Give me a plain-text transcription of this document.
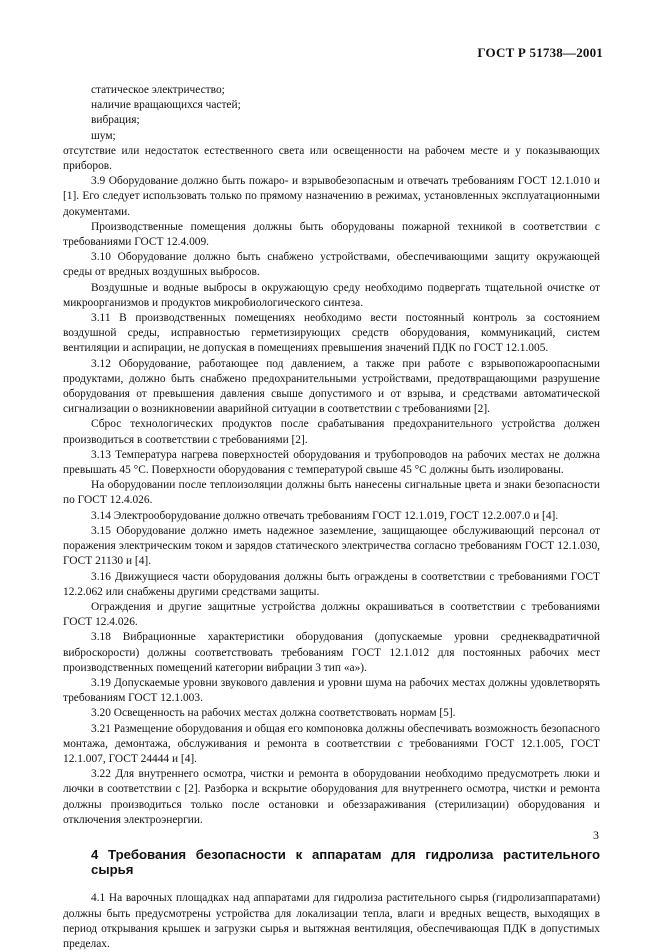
ГОСТ Р 51738—2001

статическое электричество;

наличие вращающихся частей;

вибрация;

шум;

отсутствие или недостаток естественного света или освещенности на рабочем месте и у показывающих приборов.

3.9 Оборудование должно быть пожаро- и взрывобезопасным и отвечать требованиям ГОСТ 12.1.010 и [1]. Его следует использовать только по прямому назначению в режимах, установленных эксплуатационными документами.

Производственные помещения должны быть оборудованы пожарной техникой в соответствии с требованиями ГОСТ 12.4.009.

3.10 Оборудование должно быть снабжено устройствами, обеспечивающими защиту окружающей среды от вредных воздушных выбросов.

Воздушные и водные выбросы в окружающую среду необходимо подвергать тщательной очистке от микроорганизмов и продуктов микробиологического синтеза.

3.11 В производственных помещениях необходимо вести постоянный контроль за состоянием воздушной среды, исправностью герметизирующих средств оборудования, коммуникаций, систем вентиляции и аспирации, не допуская в помещениях превышения значений ПДК по ГОСТ 12.1.005.

3.12 Оборудование, работающее под давлением, а также при работе с взрывопожароопасными продуктами, должно быть снабжено предохранительными устройствами, предотвращающими разрушение оборудования от превышения давления свыше допустимого и от взрыва, и средствами автоматической сигнализации о возникновении аварийной ситуации в соответствии с требованиями [2].

Сброс технологических продуктов после срабатывания предохранительного устройства должен производиться в соответствии с требованиями [2].

3.13 Температура нагрева поверхностей оборудования и трубопроводов на рабочих местах не должна превышать 45 °С. Поверхности оборудования с температурой свыше 45 °С должны быть изолированы.

На оборудовании после теплоизоляции должны быть нанесены сигнальные цвета и знаки безопасности по ГОСТ 12.4.026.

3.14 Электрооборудование должно отвечать требованиям ГОСТ 12.1.019, ГОСТ 12.2.007.0 и [4].

3.15 Оборудование должно иметь надежное заземление, защищающее обслуживающий персонал от поражения электрическим током и зарядов статического электричества согласно требованиям ГОСТ 12.1.030, ГОСТ 21130 и [4].

3.16 Движущиеся части оборудования должны быть ограждены в соответствии с требованиями ГОСТ 12.2.062 или снабжены другими средствами защиты.

Ограждения и другие защитные устройства должны окрашиваться в соответствии с требованиями ГОСТ 12.4.026.

3.18 Вибрационные характеристики оборудования (допускаемые уровни среднеквадратичной виброскорости) должны соответствовать требованиям ГОСТ 12.1.012 для постоянных рабочих мест производственных помещений категории вибрации 3 тип «а»).

3.19 Допускаемые уровни звукового давления и уровни шума на рабочих местах должны удовлетворять требованиям ГОСТ 12.1.003.

3.20 Освещенность на рабочих местах должна соответствовать нормам [5].

3.21 Размещение оборудования и общая его компоновка должны обеспечивать возможность безопасного монтажа, демонтажа, обслуживания и ремонта в соответствии с требованиями ГОСТ 12.1.005, ГОСТ 12.1.007, ГОСТ 24444 и [4].

3.22 Для внутреннего осмотра, чистки и ремонта в оборудовании необходимо предусмотреть люки и лючки в соответствии с [2]. Разборка и вскрытие оборудования для внутреннего осмотра, чистки и ремонта должны производиться только после остановки и обеззараживания (стерилизации) оборудования и отключения электроэнергии.

4 Требования безопасности к аппаратам для гидролиза растительного сырья

4.1 На варочных площадках над аппаратами для гидролиза растительного сырья (гидролизаппаратами) должны быть предусмотрены устройства для локализации тепла, влаги и вредных веществ, выходящих в период открывания крышек и загрузки сырья и вытяжная вентиляция, обеспечивающая ПДК в допустимых пределах.

3
